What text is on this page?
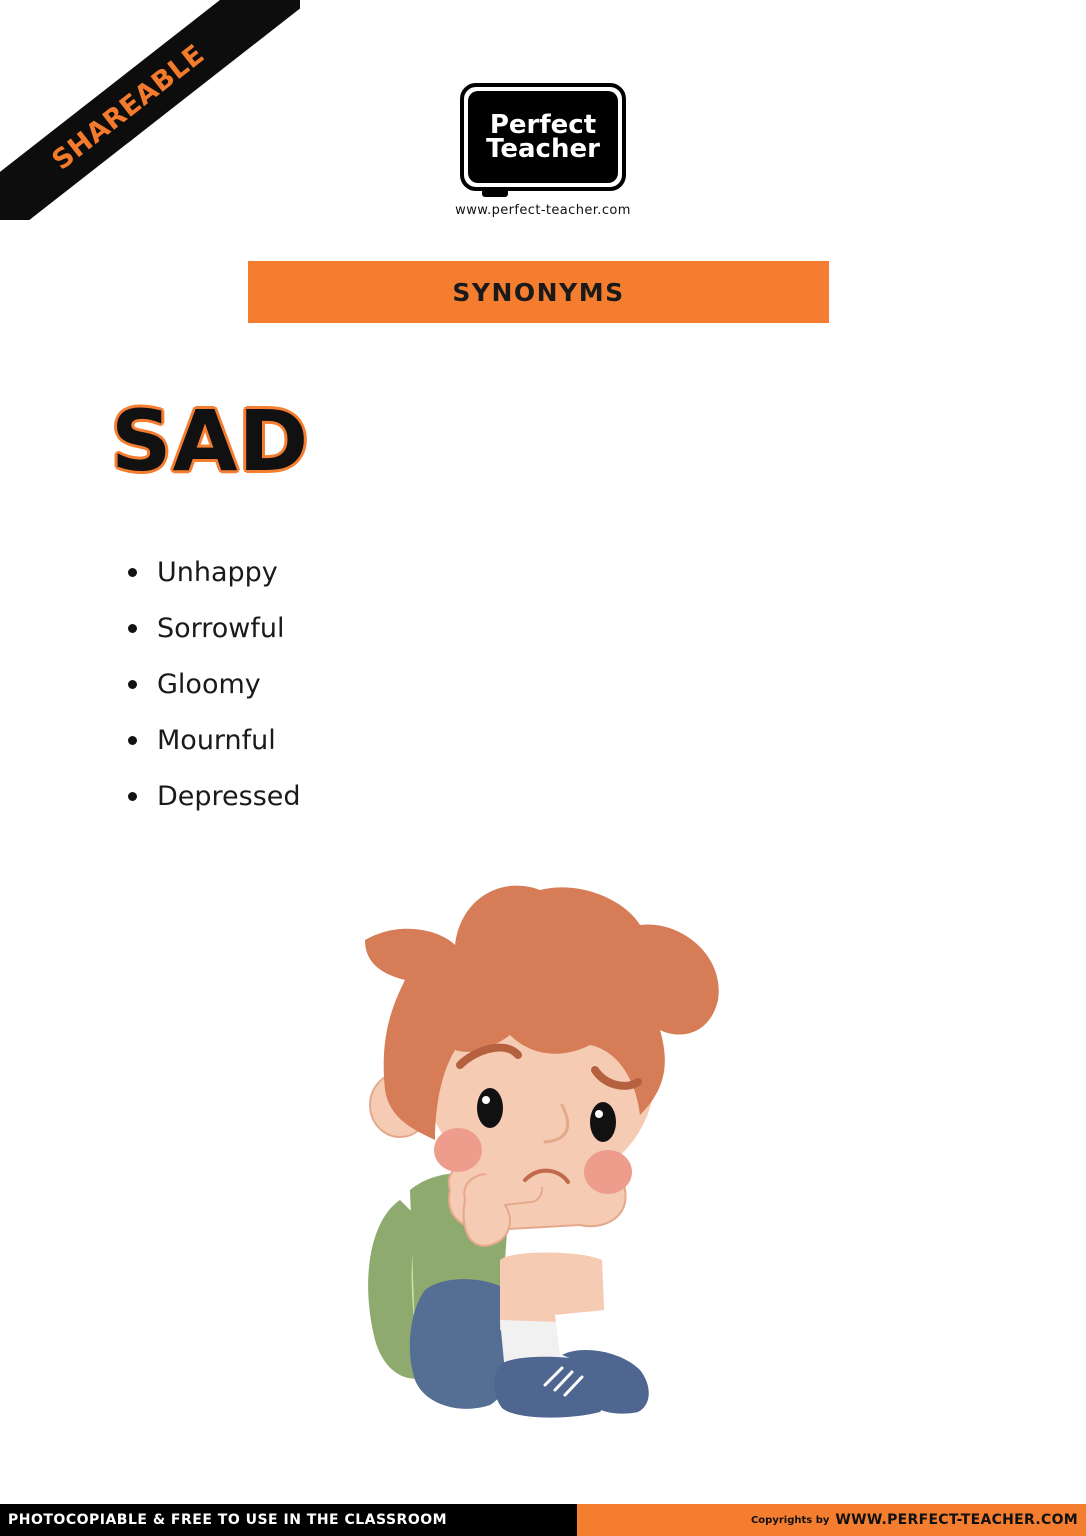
SHAREABLE	Perfect
Teacher
www.perfect-teacher.com
SYNONYMS
SAD
Unhappy
Sorrowful
Gloomy
Mournful
Depressed
PHOTOCOPIABLE & FREE TO USE IN THE CLASSROOM	Copyrights by WWW.PERFECT-TEACHER.COM
